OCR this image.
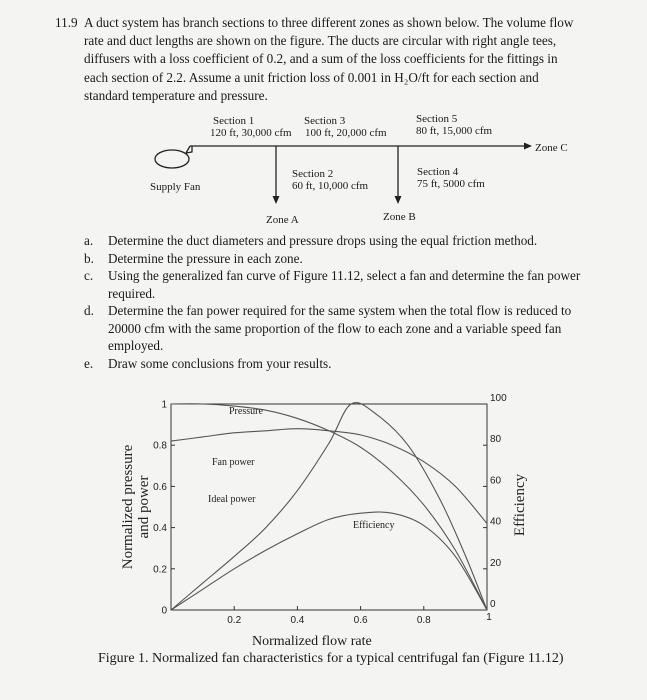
11.9 A duct system has branch sections to three different zones as shown below. The volume flow rate and duct lengths are shown on the figure. The ducts are circular with right angle tees, diffusers with a loss coefficient of 0.2, and a sum of the loss coefficients for the fittings in each section of 2.2. Assume a unit friction loss of 0.001 in H₂O/ft for each section and standard temperature and pressure.

Section 1
120 ft, 30,000 cfm
Section 3
100 ft, 20,000 cfm
Section 5
80 ft, 15,000 cfm
Zone C
Section 2
60 ft, 10,000 cfm
Section 4
75 ft, 5000 cfm
Supply Fan
Zone A	Zone B

a. Determine the duct diameters and pressure drops using the equal friction method.

b. Determine the pressure in each zone.

c. Using the generalized fan curve of Figure 11.12, select a fan and determine the fan power required.

d. Determine the fan power required for the same system when the total flow is reduced to 20000 cfm with the same proportion of the flow to each zone and a variable speed fan employed.

e. Draw some conclusions from your results.

0
0.2
0.4
0.6
0.8
1
0
20
40
60
80
100
0.2	0.4	0.6	0.8	1
Pressure
Fan power
Ideal power
Efficiency
Normalized pressure and power	Efficiency
Normalized flow rate
Figure 1. Normalized fan characteristics for a typical centrifugal fan (Figure 11.12)
